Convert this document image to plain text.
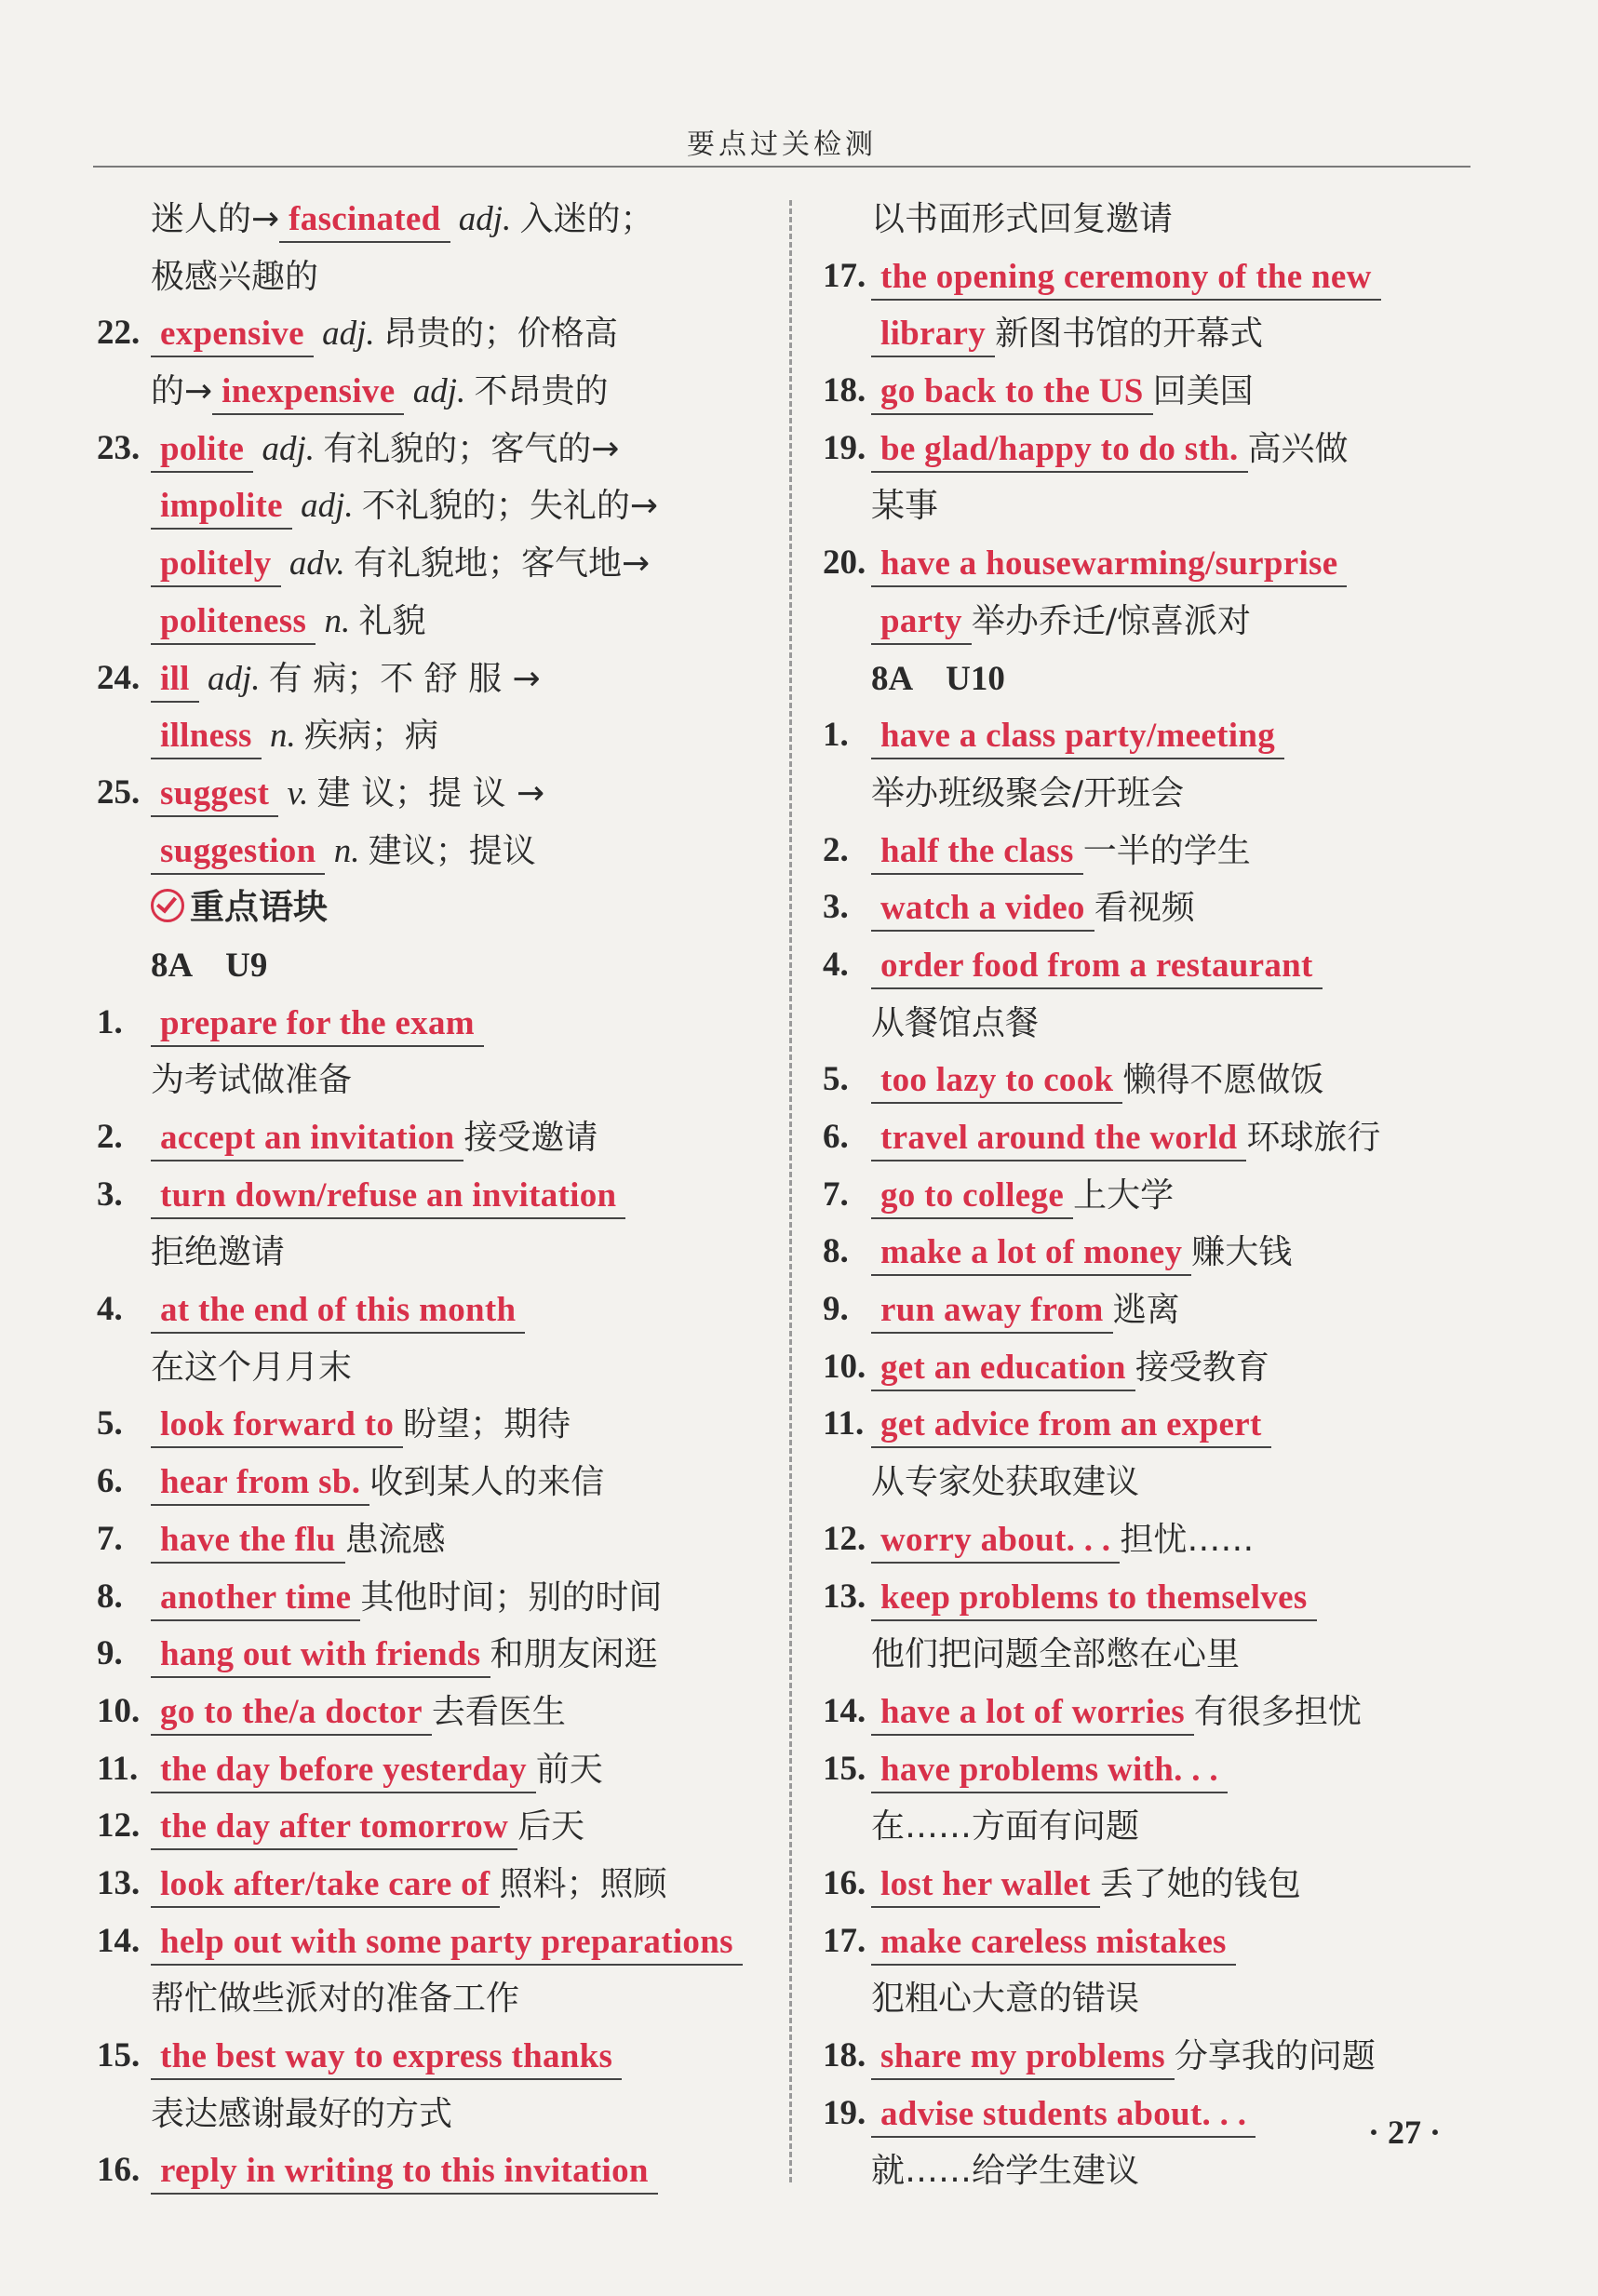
要点过关检测
迷人的→ fascinated adj. 入迷的；
极感兴趣的
22. expensive adj. 昂贵的；价格高
的→ inexpensive adj. 不昂贵的
23. polite adj. 有礼貌的；客气的→
impolite adj. 不礼貌的；失礼的→
politely adv. 有礼貌地；客气地→
politeness n. 礼貌
24. ill adj. 有 病；不 舒 服 →
illness n. 疾病；病
25. suggest v. 建 议；提 议 →
suggestion n. 建议；提议
重点语块
8A　U9
1. prepare for the exam
为考试做准备
2. accept an invitation 接受邀请
3. turn down/refuse an invitation
拒绝邀请
4. at the end of this month
在这个月月末
5. look forward to 盼望；期待
6. hear from sb. 收到某人的来信
7. have the flu 患流感
8. another time 其他时间；别的时间
9. hang out with friends 和朋友闲逛
10. go to the/a doctor 去看医生
11. the day before yesterday 前天
12. the day after tomorrow 后天
13. look after/take care of 照料；照顾
14. help out with some party preparations
帮忙做些派对的准备工作
15. the best way to express thanks
表达感谢最好的方式
16. reply in writing to this invitation
以书面形式回复邀请
17. the opening ceremony of the new
library 新图书馆的开幕式
18. go back to the US 回美国
19. be glad/happy to do sth. 高兴做
某事
20. have a housewarming/surprise
party 举办乔迁/惊喜派对
8A　U10
1. have a class party/meeting
举办班级聚会/开班会
2. half the class 一半的学生
3. watch a video 看视频
4. order food from a restaurant
从餐馆点餐
5. too lazy to cook 懒得不愿做饭
6. travel around the world 环球旅行
7. go to college 上大学
8. make a lot of money 赚大钱
9. run away from 逃离
10. get an education 接受教育
11. get advice from an expert
从专家处获取建议
12. worry about. . . 担忧……
13. keep problems to themselves
他们把问题全部憋在心里
14. have a lot of worries 有很多担忧
15. have problems with. . .
在……方面有问题
16. lost her wallet 丢了她的钱包
17. make careless mistakes
犯粗心大意的错误
18. share my problems 分享我的问题
19. advise students about. . .
就……给学生建议
· 27 ·
